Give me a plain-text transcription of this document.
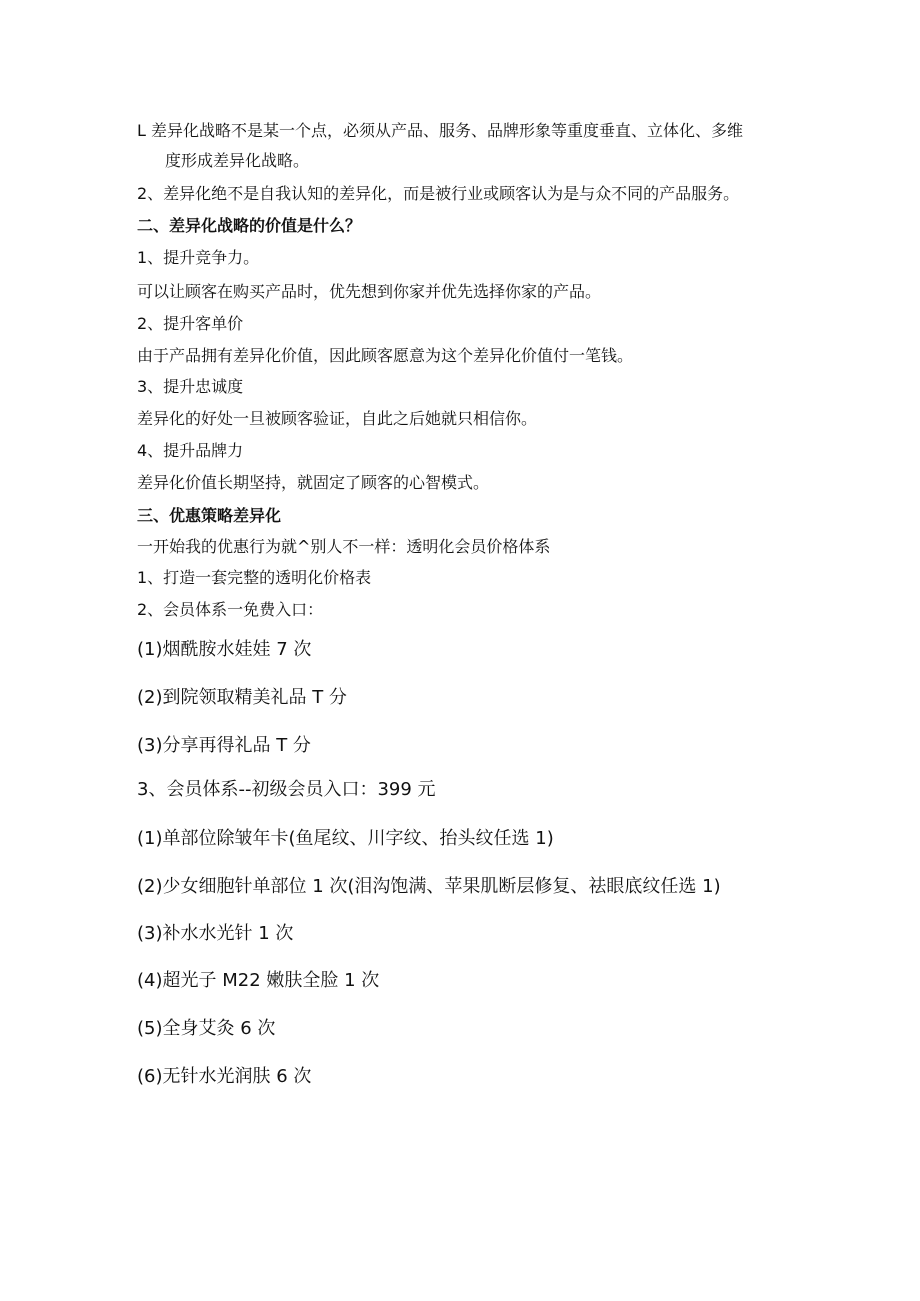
L 差异化战略不是某一个点，必须从产品、服务、品牌形象等重度垂直、立体化、多维
度形成差异化战略。
2、差异化绝不是自我认知的差异化，而是被行业或顾客认为是与众不同的产品服务。
二、差异化战略的价值是什么？
1、提升竞争力。
可以让顾客在购买产品时，优先想到你家并优先选择你家的产品。
2、提升客单价
由于产品拥有差异化价值，因此顾客愿意为这个差异化价值付一笔钱。
3、提升忠诚度
差异化的好处一旦被顾客验证，自此之后她就只相信你。
4、提升品牌力
差异化价值长期坚持，就固定了顾客的心智模式。
三、优惠策略差异化
一开始我的优惠行为就^别人不一样：透明化会员价格体系
1、打造一套完整的透明化价格表
2、会员体系一免费入口：
(1)烟酰胺水娃娃 7 次
(2)到院领取精美礼品 T 分
(3)分享再得礼品 T 分
3、会员体系--初级会员入口：399 元
(1)单部位除皱年卡(鱼尾纹、川字纹、抬头纹任选 1)
(2)少女细胞针单部位 1 次(泪沟饱满、苹果肌断层修复、祛眼底纹任选 1)
(3)补水水光针 1 次
(4)超光子 M22 嫩肤全脸 1 次
(5)全身艾灸 6 次
(6)无针水光润肤 6 次
